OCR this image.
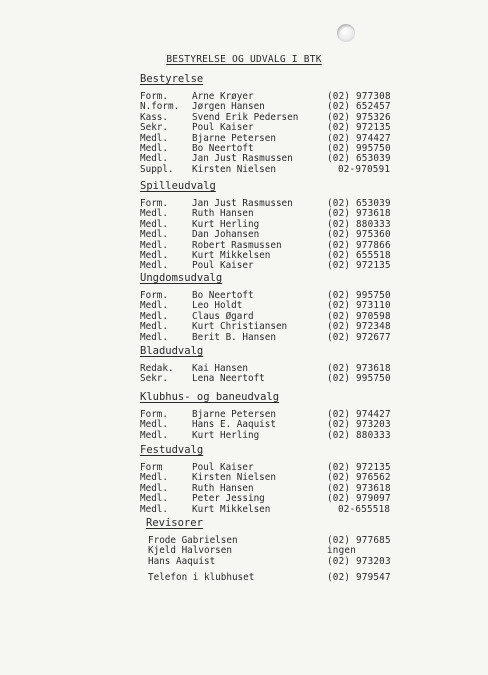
BESTYRELSE OG UDVALG I BTK
Bestyrelse
Form.	Arne Krøyer	(02) 977308
N.form. Jørgen Hansen	(02) 652457
Kass.	Svend Erik Pedersen	(02) 975326
Sekr.	Poul Kaiser	(02) 972135
Medl.	Bjarne Petersen	(02) 974427
Medl.	Bo Neertoft	(02) 995750
Medl.	Jan Just Rasmussen	(02) 653039
Suppl. Kirsten Nielsen	02-970591
Spilleudvalg
Form.	Jan Just Rasmussen	(02) 653039
Medl.	Ruth Hansen	(02) 973618
Medl.	Kurt Herling	(02) 880333
Medl.	Dan Johansen	(02) 975360
Medl.	Robert Rasmussen	(02) 977866
Medl.	Kurt Mikkelsen	(02) 655518
Medl.	Poul Kaiser	(02) 972135
Ungdomsudvalg
Form.	Bo Neertoft	(02) 995750
Medl.	Leo Holdt	(02) 973110
Medl.	Claus Øgard	(02) 970598
Medl.	Kurt Christiansen	(02) 972348
Medl.	Berit B. Hansen	(02) 972677
Bladudvalg
Redak. Kai Hansen	(02) 973618
Sekr.	Lena Neertoft	(02) 995750
Klubhus- og baneudvalg
Form.	Bjarne Petersen	(02) 974427
Medl.	Hans E. Aaquist	(02) 973203
Medl.	Kurt Herling	(02) 880333
Festudvalg
Form	Poul Kaiser	(02) 972135
Medl.	Kirsten Nielsen	(02) 976562
Medl.	Ruth Hansen	(02) 973618
Medl.	Peter Jessing	(02) 979097
Medl.	Kurt Mikkelsen	02-655518
Revisorer
Frode Gabrielsen	(02) 977685
Kjeld Halvorsen	ingen
Hans Aaquist	(02) 973203
Telefon i klubhuset	(02) 979547
